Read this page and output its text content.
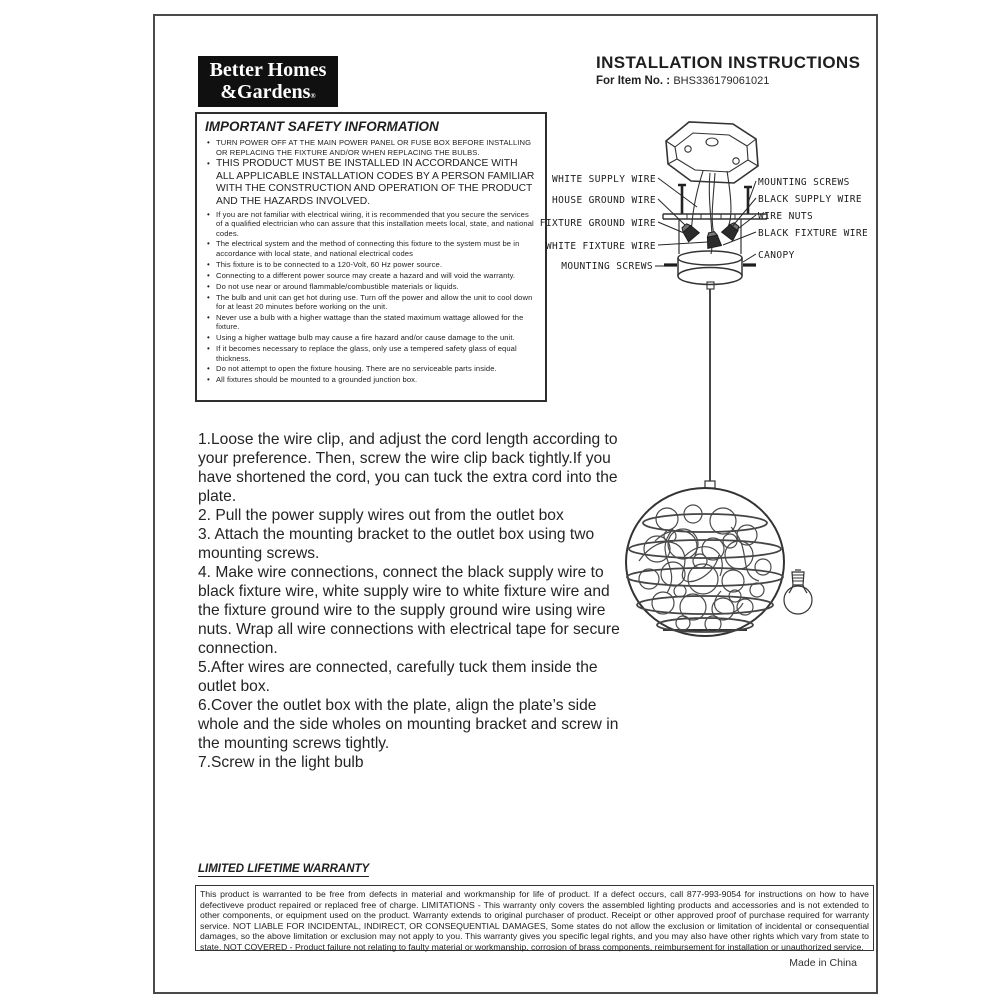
Better Homes
&Gardens®
INSTALLATION INSTRUCTIONS
For Item No. : BHS336179061021
IMPORTANT SAFETY INFORMATION
• TURN POWER OFF AT THE MAIN POWER PANEL OR FUSE BOX BEFORE INSTALLING OR REPLACING THE FIXTURE AND/OR WHEN REPLACING THE BULBS.
• THIS PRODUCT MUST BE INSTALLED IN ACCORDANCE WITH ALL APPLICABLE INSTALLATION CODES BY A PERSON FAMILIAR WITH THE CONSTRUCTION AND OPERATION OF THE PRODUCT AND THE HAZARDS INVOLVED.
• If you are not familiar with electrical wiring, it is recommended that you secure the services of a qualified electrician who can assure that this installation meets local, state, and national codes.
• The electrical system and the method of connecting this fixture to the system must be in accordance with local state, and national electrical codes
• This fixture is to be connected to a 120-Volt, 60 Hz power source.
• Connecting to a different power source may create a hazard and will void the warranty.
• Do not use near or around flammable/combustible materials or liquids.
• The bulb and unit can get hot during use. Turn off the power and allow the unit to cool down for at least 20 minutes before working on the unit.
• Never use a bulb with a higher wattage than the stated maximum wattage allowed for the fixture.
• Using a higher wattage bulb may cause a fire hazard and/or cause damage to the unit.
• If it becomes necessary to replace the glass, only use a tempered safety glass of equal thickness.
• Do not attempt to open the fixture housing. There are no serviceable parts inside.
• All fixtures should be mounted to a grounded junction box.
1.Loose the wire clip, and adjust the cord length according to your preference. Then, screw the wire clip back tightly.If you have shortened the cord, you can tuck the extra cord into the plate.
2. Pull the power supply wires out from the outlet box
3. Attach the mounting bracket to the outlet box using two mounting screws.
4. Make wire connections, connect the black supply wire to black fixture wire, white supply wire to white fixture wire and the fixture ground wire to the supply ground wire using wire nuts. Wrap all wire connections with electrical tape for secure connection.
5.After wires are connected, carefully tuck them inside the outlet box.
6.Cover the outlet box with the plate, align the plate’s side whole and the side wholes on mounting bracket and screw in the mounting screws tightly.
7.Screw in the light bulb
WHITE SUPPLY WIRE
HOUSE GROUND WIRE
FIXTURE GROUND WIRE
WHITE FIXTURE WIRE
MOUNTING SCREWS
MOUNTING SCREWS
BLACK SUPPLY WIRE
WIRE NUTS
BLACK FIXTURE WIRE
CANOPY
LIMITED LIFETIME WARRANTY
This product is warranted to be free from defects in material and workmanship for life of product. If a defect occurs, call 877-993-9054 for instructions on how to have defectiveve product repaired or replaced free of charge. LIMITATIONS - This warranty only covers the assembled lighting products and accessories and is not extended to other components, or equipment used on the product. Warranty extends to original purchaser of product. Receipt or other approved proof of purchase required for warranty service. NOT LIABLE FOR INCIDENTAL, INDIRECT, OR CONSEQUENTIAL DAMAGES, Some states do not allow the exclusion or limitation of incidental or consequential damages, so the above limitation or exclusion may not apply to you. This warranty gives you specific legal rights, and you may also have other rights which vary from state to state. NOT COVERED - Product failure not relating to faulty material or workmanship, corrosion of brass components, reimbursement for installation or unauthorized service.
Made in China
